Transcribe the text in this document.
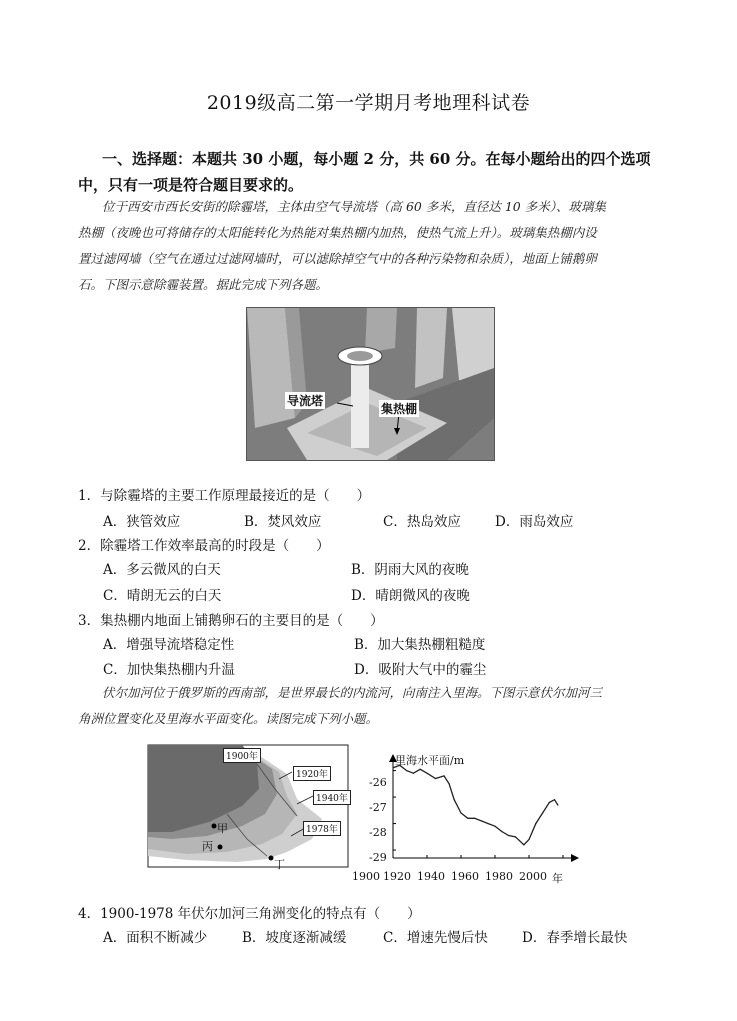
2019级高二第一学期月考地理科试卷
一、选择题：本题共 30 小题，每小题 2 分，共 60 分。在每小题给出的四个选项
中，只有一项是符合题目要求的。
位于西安市西长安街的除霾塔，主体由空气导流塔（高 60 多米，直径达 10 多米）、玻璃集
热棚（夜晚也可将储存的太阳能转化为热能对集热棚内加热，使热气流上升）。玻璃集热棚内设
置过滤网墙（空气在通过过滤网墙时，可以滤除掉空气中的各种污染物和杂质），地面上铺鹅卵
石。下图示意除霾装置。据此完成下列各题。
导流塔
集热棚
1．与除霾塔的主要工作原理最接近的是（　　）
A．狭管效应	B．焚风效应	C．热岛效应	D．雨岛效应
2．除霾塔工作效率最高的时段是（　　）
A．多云微风的白天	B．阴雨大风的夜晚
C．晴朗无云的白天	D．晴朗微风的夜晚
3．集热棚内地面上铺鹅卵石的主要目的是（　　）
A．增强导流塔稳定性	B．加大集热棚粗糙度
C．加快集热棚内升温	D．吸附大气中的霾尘
伏尔加河位于俄罗斯的西南部，是世界最长的内流河，向南注入里海。下图示意伏尔加河三
角洲位置变化及里海水平面变化。读图完成下列小题。
1900年
1920年
1940年
1978年
甲
丙
丁
里海水平面/m
1900 1920 1940 1960 1980 2000 年
-26
-27
-28
-29
4．1900-1978 年伏尔加河三角洲变化的特点有（　　）
A．面积不断减少	B．坡度逐渐减缓	C．增速先慢后快	D．春季增长最快
